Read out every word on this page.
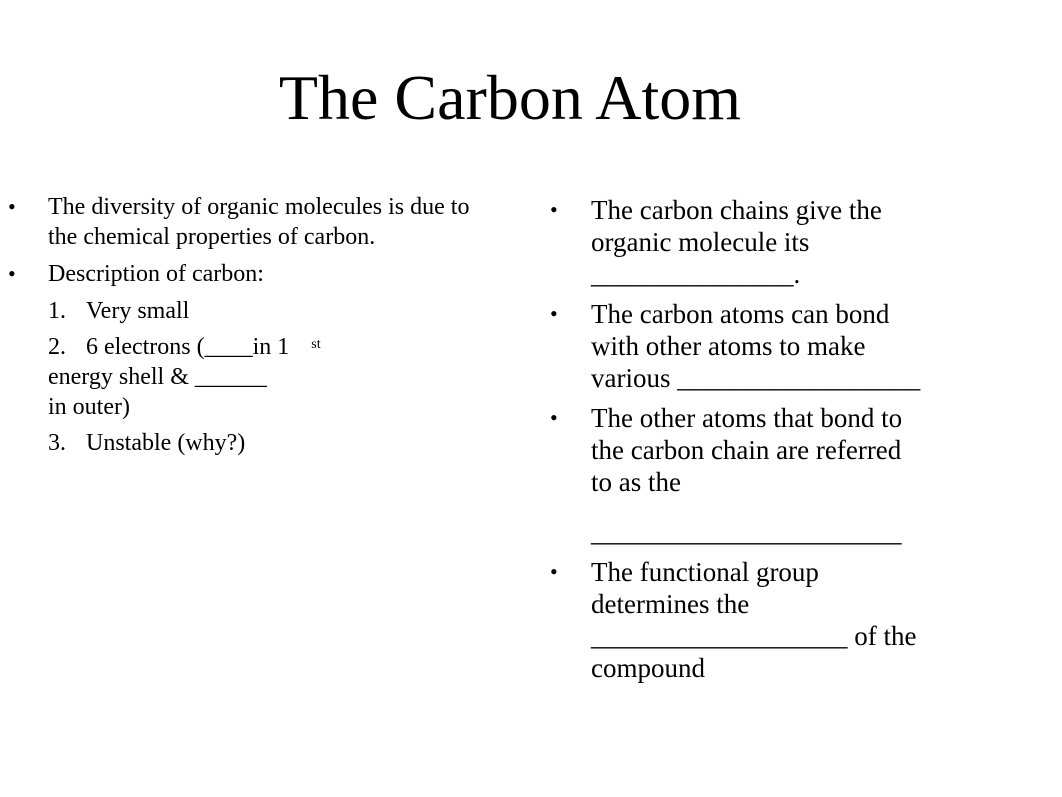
The Carbon Atom
• The diversity of organic molecules is due to the chemical properties of carbon.
• Description of carbon:
1. Very small
2. 6 electrons (____in 1 $^{st}$
energy shell & ______
in outer)
3. Unstable (why?)
• The carbon chains give the
organic molecule its
_______________.
• The carbon atoms can bond
with other atoms to make
various __________________
• The other atoms that bond to
the carbon chain are referred
to as the
_______________________
• The functional group
determines the
___________________ of the
compound
